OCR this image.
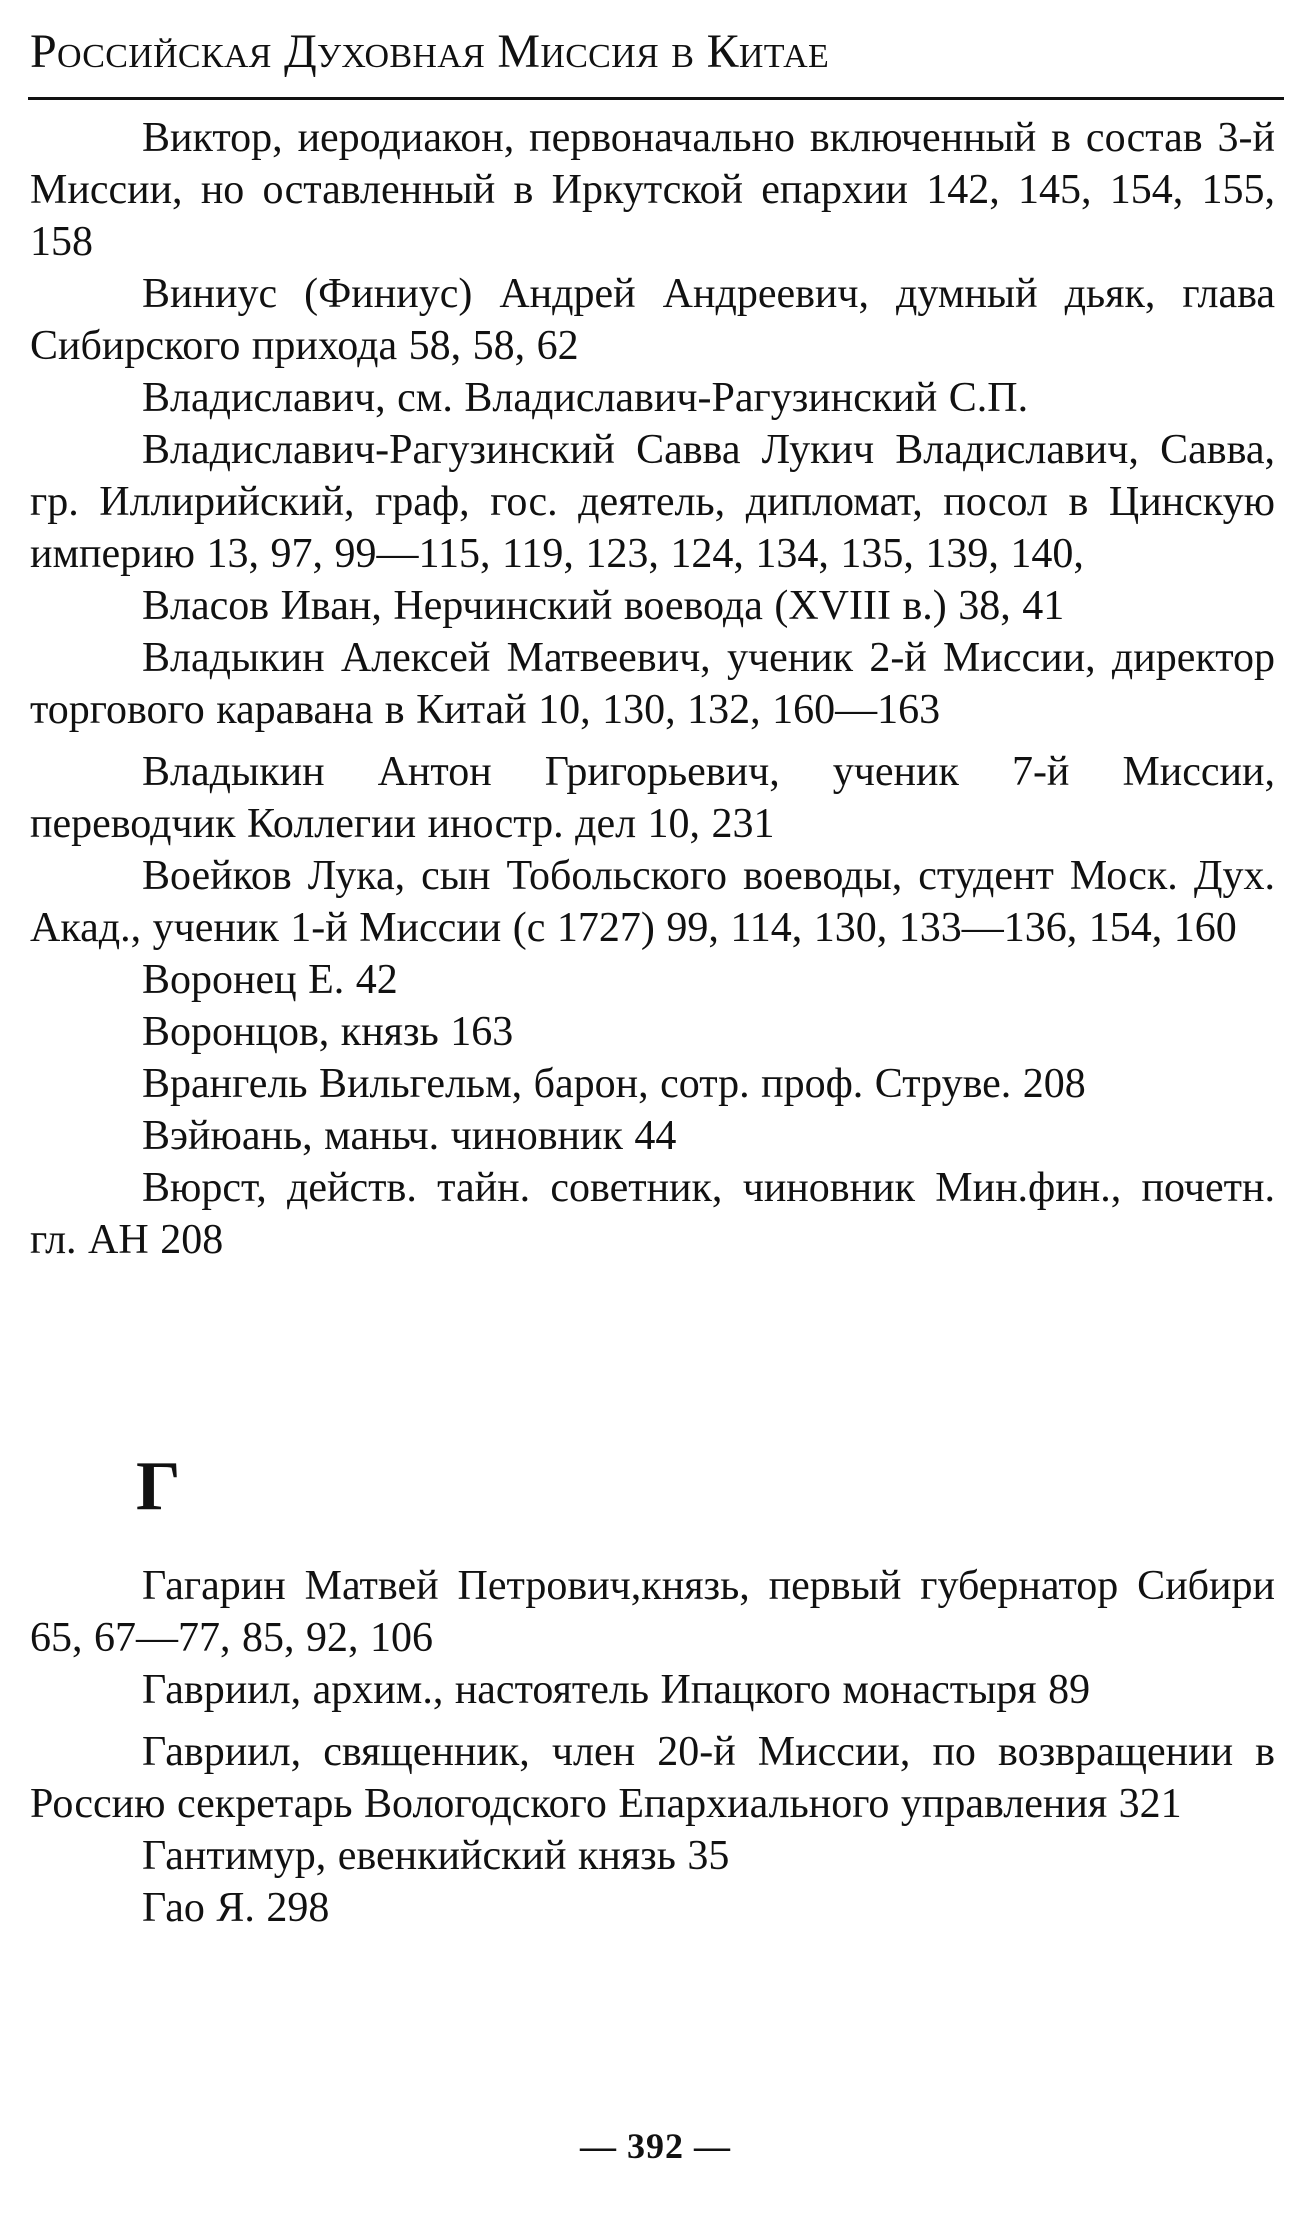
Российская Духовная Миссия в Китае

Виктор, иеродиакон, первоначально включенный в состав 3-й Миссии, но оставленный в Иркутской епархии 142, 145, 154, 155, 158

Виниус (Финиус) Андрей Андреевич, думный дьяк, глава Сибирского прихода 58, 58, 62

Владиславич, см. Владиславич-Рагузинский С.П.

Владиславич-Рагузинский Савва Лукич Владиславич, Савва, гр. Иллирийский, граф, гос. деятель, дипломат, посол в Цинскую империю 13, 97, 99—115, 119, 123, 124, 134, 135, 139, 140,

Власов Иван, Нерчинский воевода (XVIII в.) 38, 41

Владыкин Алексей Матвеевич, ученик 2-й Миссии, директор торгового каравана в Китай 10, 130, 132, 160—163

Владыкин Антон Григорьевич, ученик 7-й Миссии, переводчик Коллегии иностр. дел 10, 231

Воейков Лука, сын Тобольского воеводы, студент Моск. Дух. Акад., ученик 1-й Миссии (с 1727) 99, 114, 130, 133—136, 154, 160

Воронец Е. 42

Воронцов, князь 163

Врангель Вильгельм, барон, сотр. проф. Струве. 208

Вэйюань, маньч. чиновник 44

Вюрст, действ. тайн. советник, чиновник Мин.фин., почетн. гл. АН 208

Г

Гагарин Матвей Петрович,князь, первый губернатор Сибири 65, 67—77, 85, 92, 106

Гавриил, архим., настоятель Ипацкого монастыря 89

Гавриил, священник, член 20-й Миссии, по возвращении в Россию секретарь Вологодского Епархиального управления 321

Гантимур, евенкийский князь 35

Гао Я. 298

— 392 —
